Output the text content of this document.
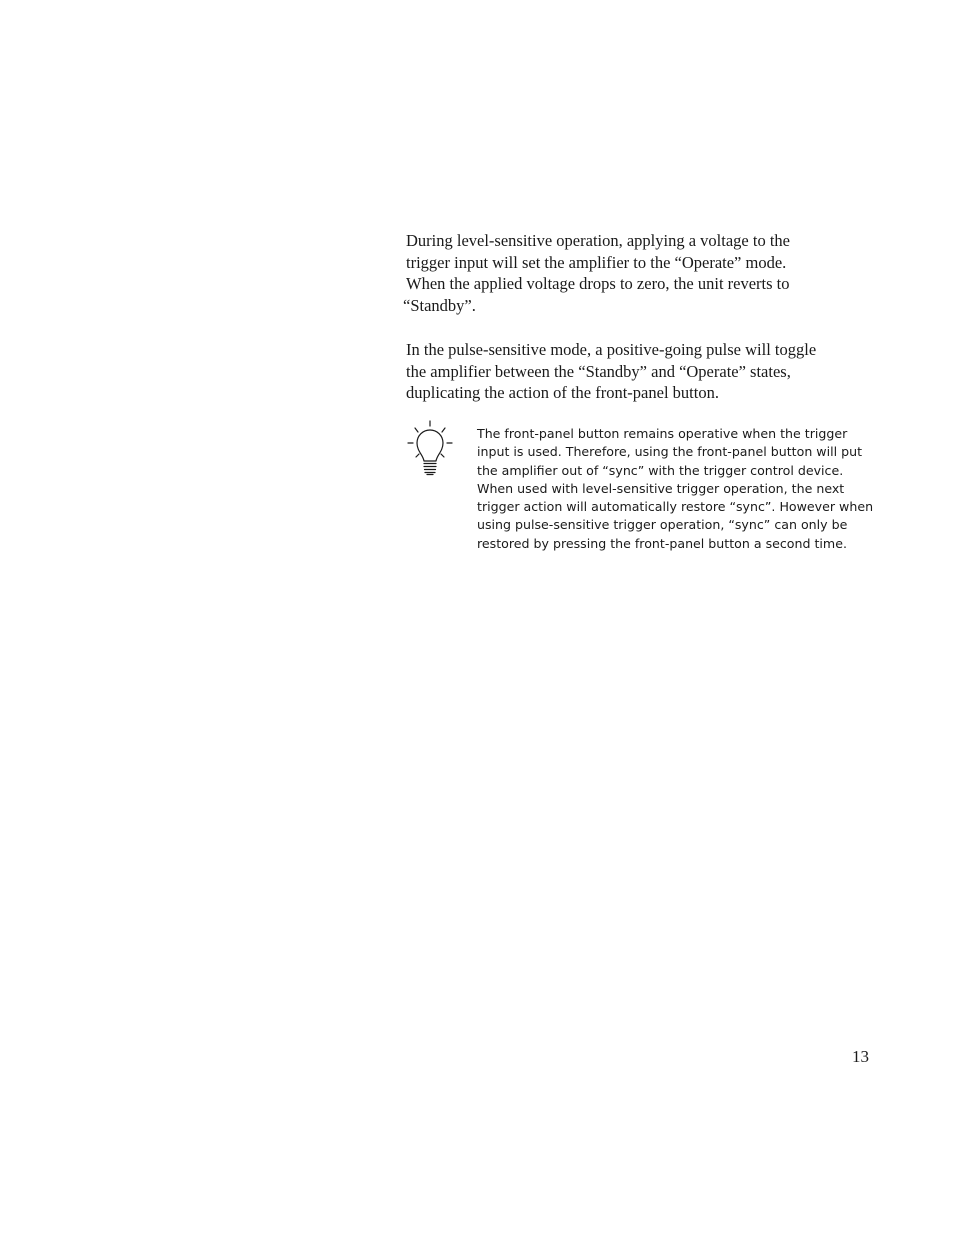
During level-sensitive operation, applying a voltage to the
trigger input will set the amplifier to the “Operate” mode.
When the applied voltage drops to zero, the unit reverts to
“Standby”.

In the pulse-sensitive mode, a positive-going pulse will toggle
the amplifier between the “Standby” and “Operate” states,
duplicating the action of the front-panel button.

The front-panel button remains operative when the trigger
input is used. Therefore, using the front-panel button will put
the amplifier out of “sync” with the trigger control device.
When used with level-sensitive trigger operation, the next
trigger action will automatically restore “sync”. However when
using pulse-sensitive trigger operation, “sync” can only be
restored by pressing the front-panel button a second time.

13
